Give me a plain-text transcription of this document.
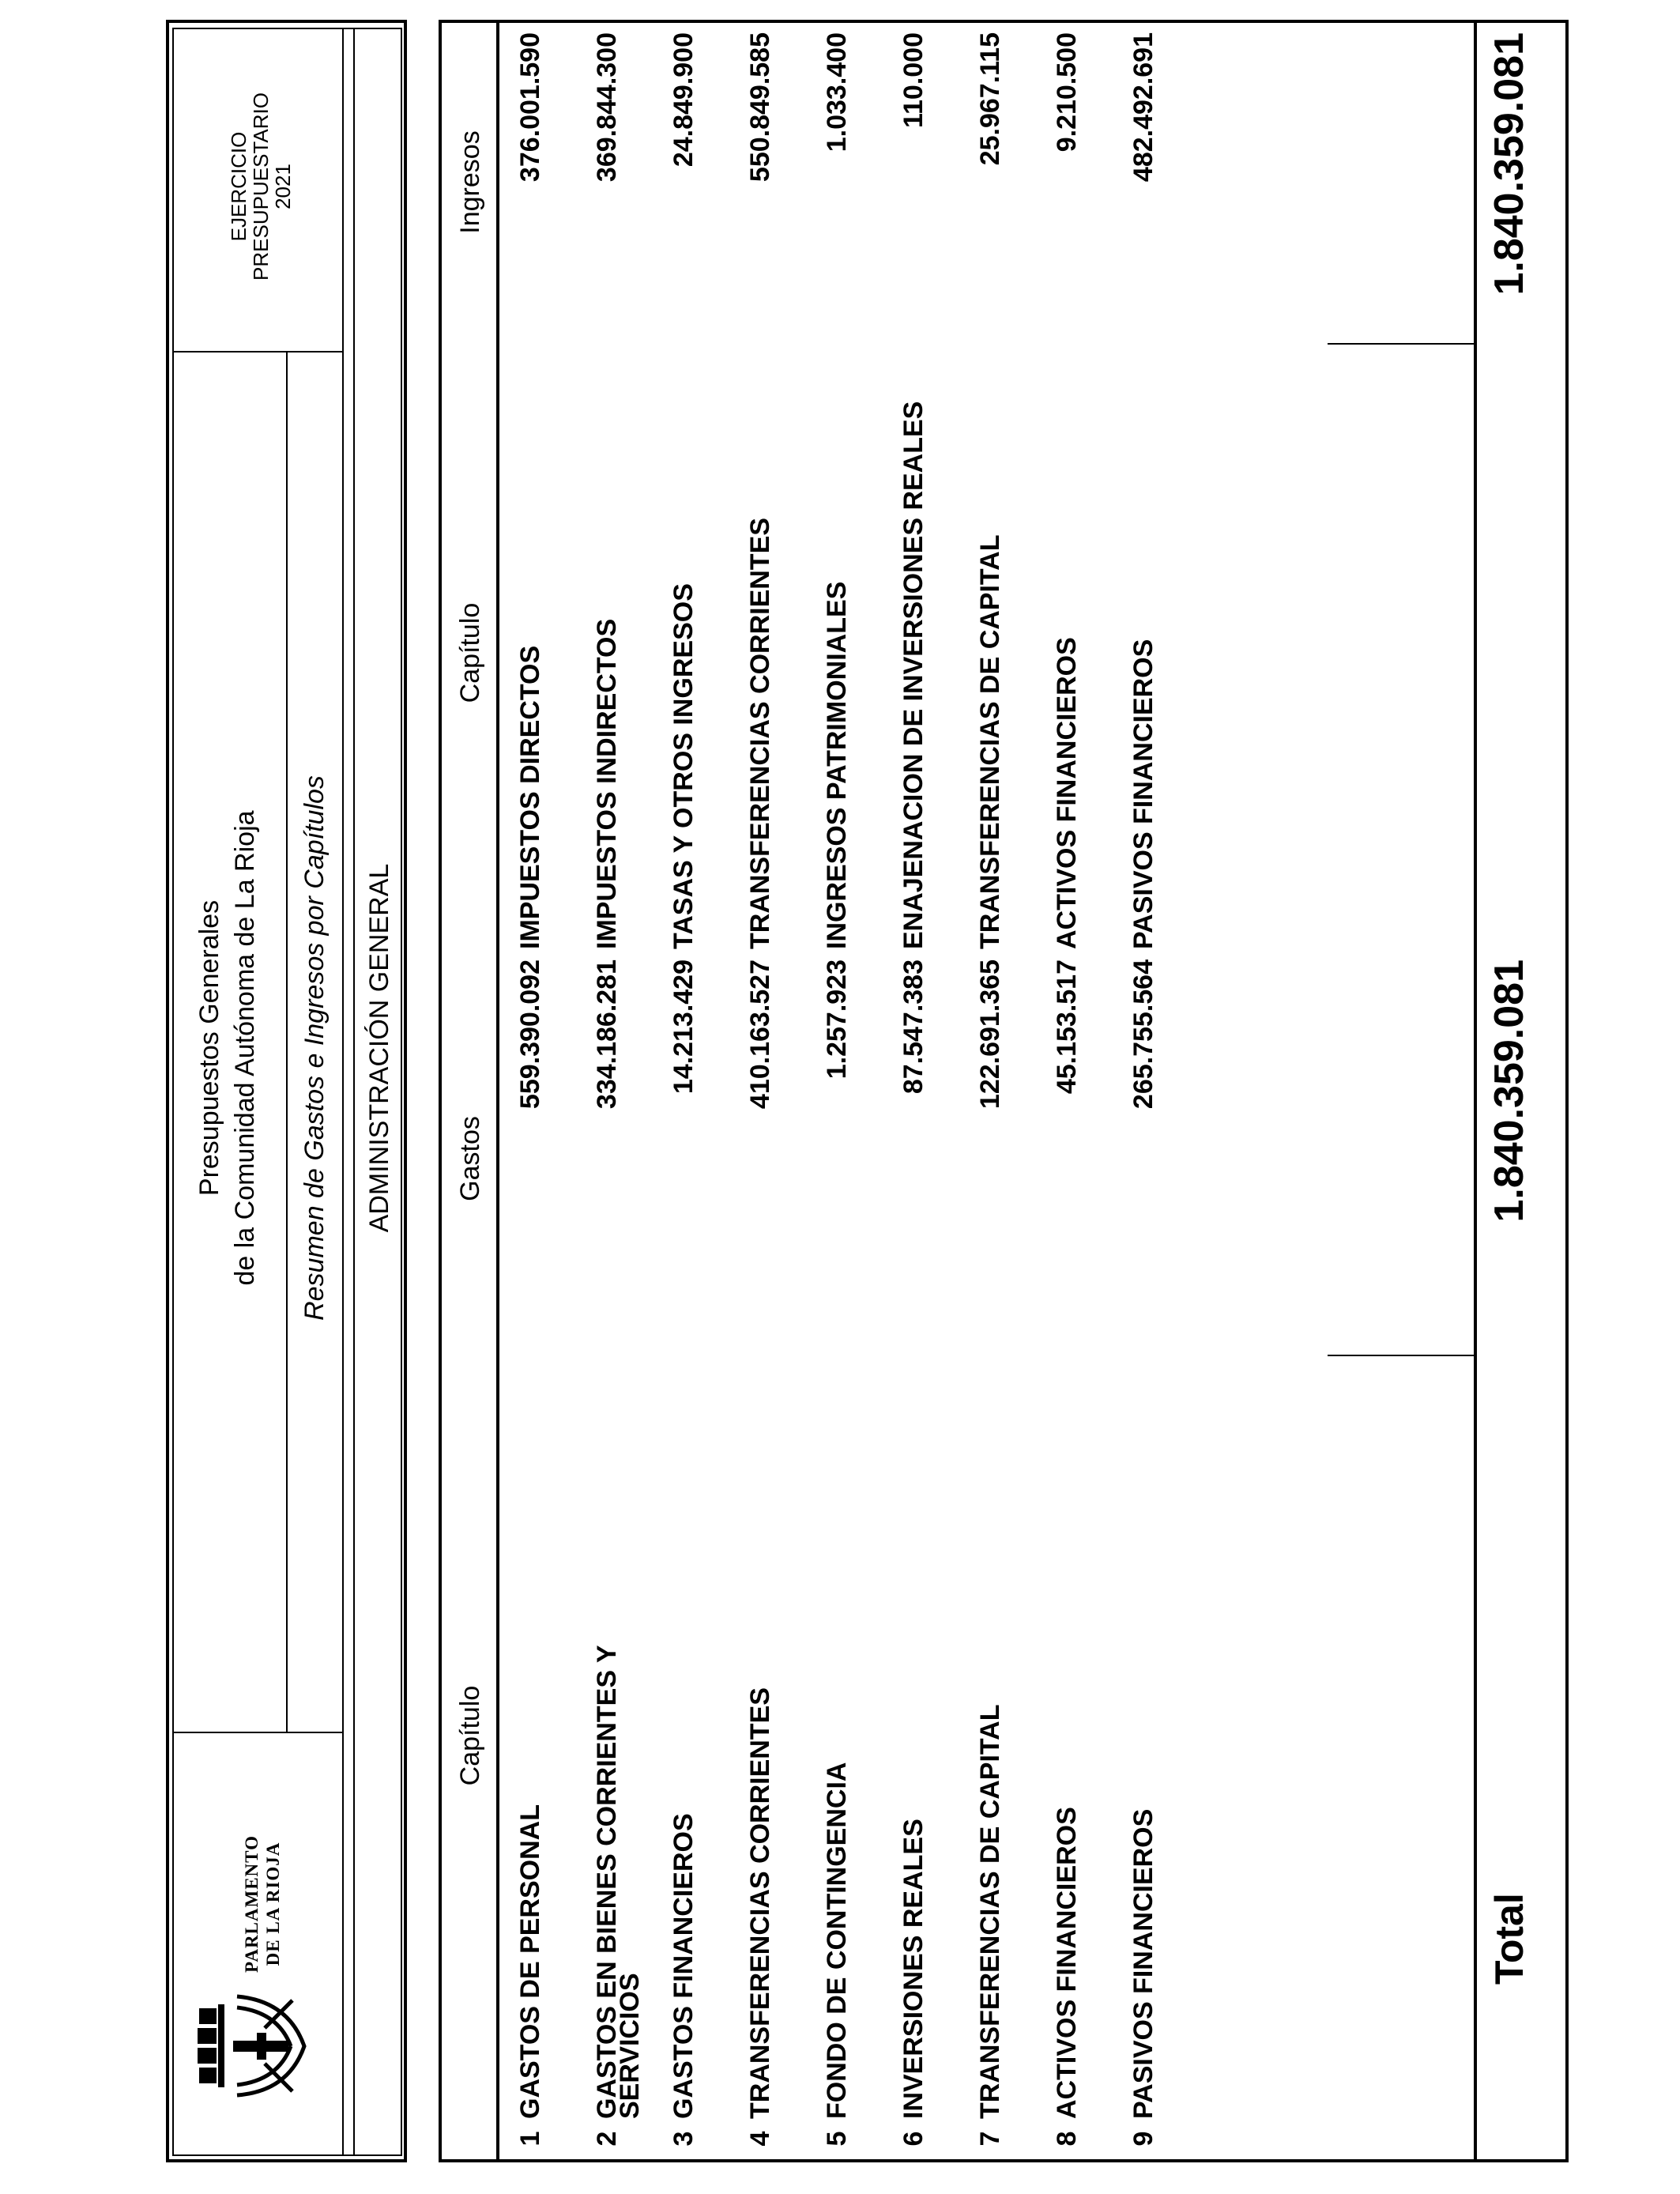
PARLAMENTO DE LA RIOJA
Presupuestos Generales de la Comunidad Autónoma de La Rioja Resumen de Gastos e Ingresos por Capítulos ADMINISTRACIÓN GENERAL
EJERCICIO
PRESUPUESTARIO
2021
Capítulo
Gastos
Capítulo
Ingresos
1
GASTOS DE PERSONAL
559.390.092
IMPUESTOS DIRECTOS
376.001.590
2
GASTOS EN BIENES CORRIENTES Y
SERVICIOS
334.186.281
IMPUESTOS INDIRECTOS
369.844.300
3
GASTOS FINANCIEROS
14.213.429
TASAS Y OTROS INGRESOS
24.849.900
4
TRANSFERENCIAS CORRIENTES
410.163.527
TRANSFERENCIAS CORRIENTES
550.849.585
5
FONDO DE CONTINGENCIA
1.257.923
INGRESOS PATRIMONIALES
1.033.400
6
INVERSIONES REALES
87.547.383
ENAJENACION DE INVERSIONES REALES
110.000
7
TRANSFERENCIAS DE CAPITAL
122.691.365
TRANSFERENCIAS DE CAPITAL
25.967.115
8
ACTIVOS FINANCIEROS
45.153.517
ACTIVOS FINANCIEROS
9.210.500
9
PASIVOS FINANCIEROS
265.755.564
PASIVOS FINANCIEROS
482.492.691
Total
1.840.359.081
1.840.359.081
